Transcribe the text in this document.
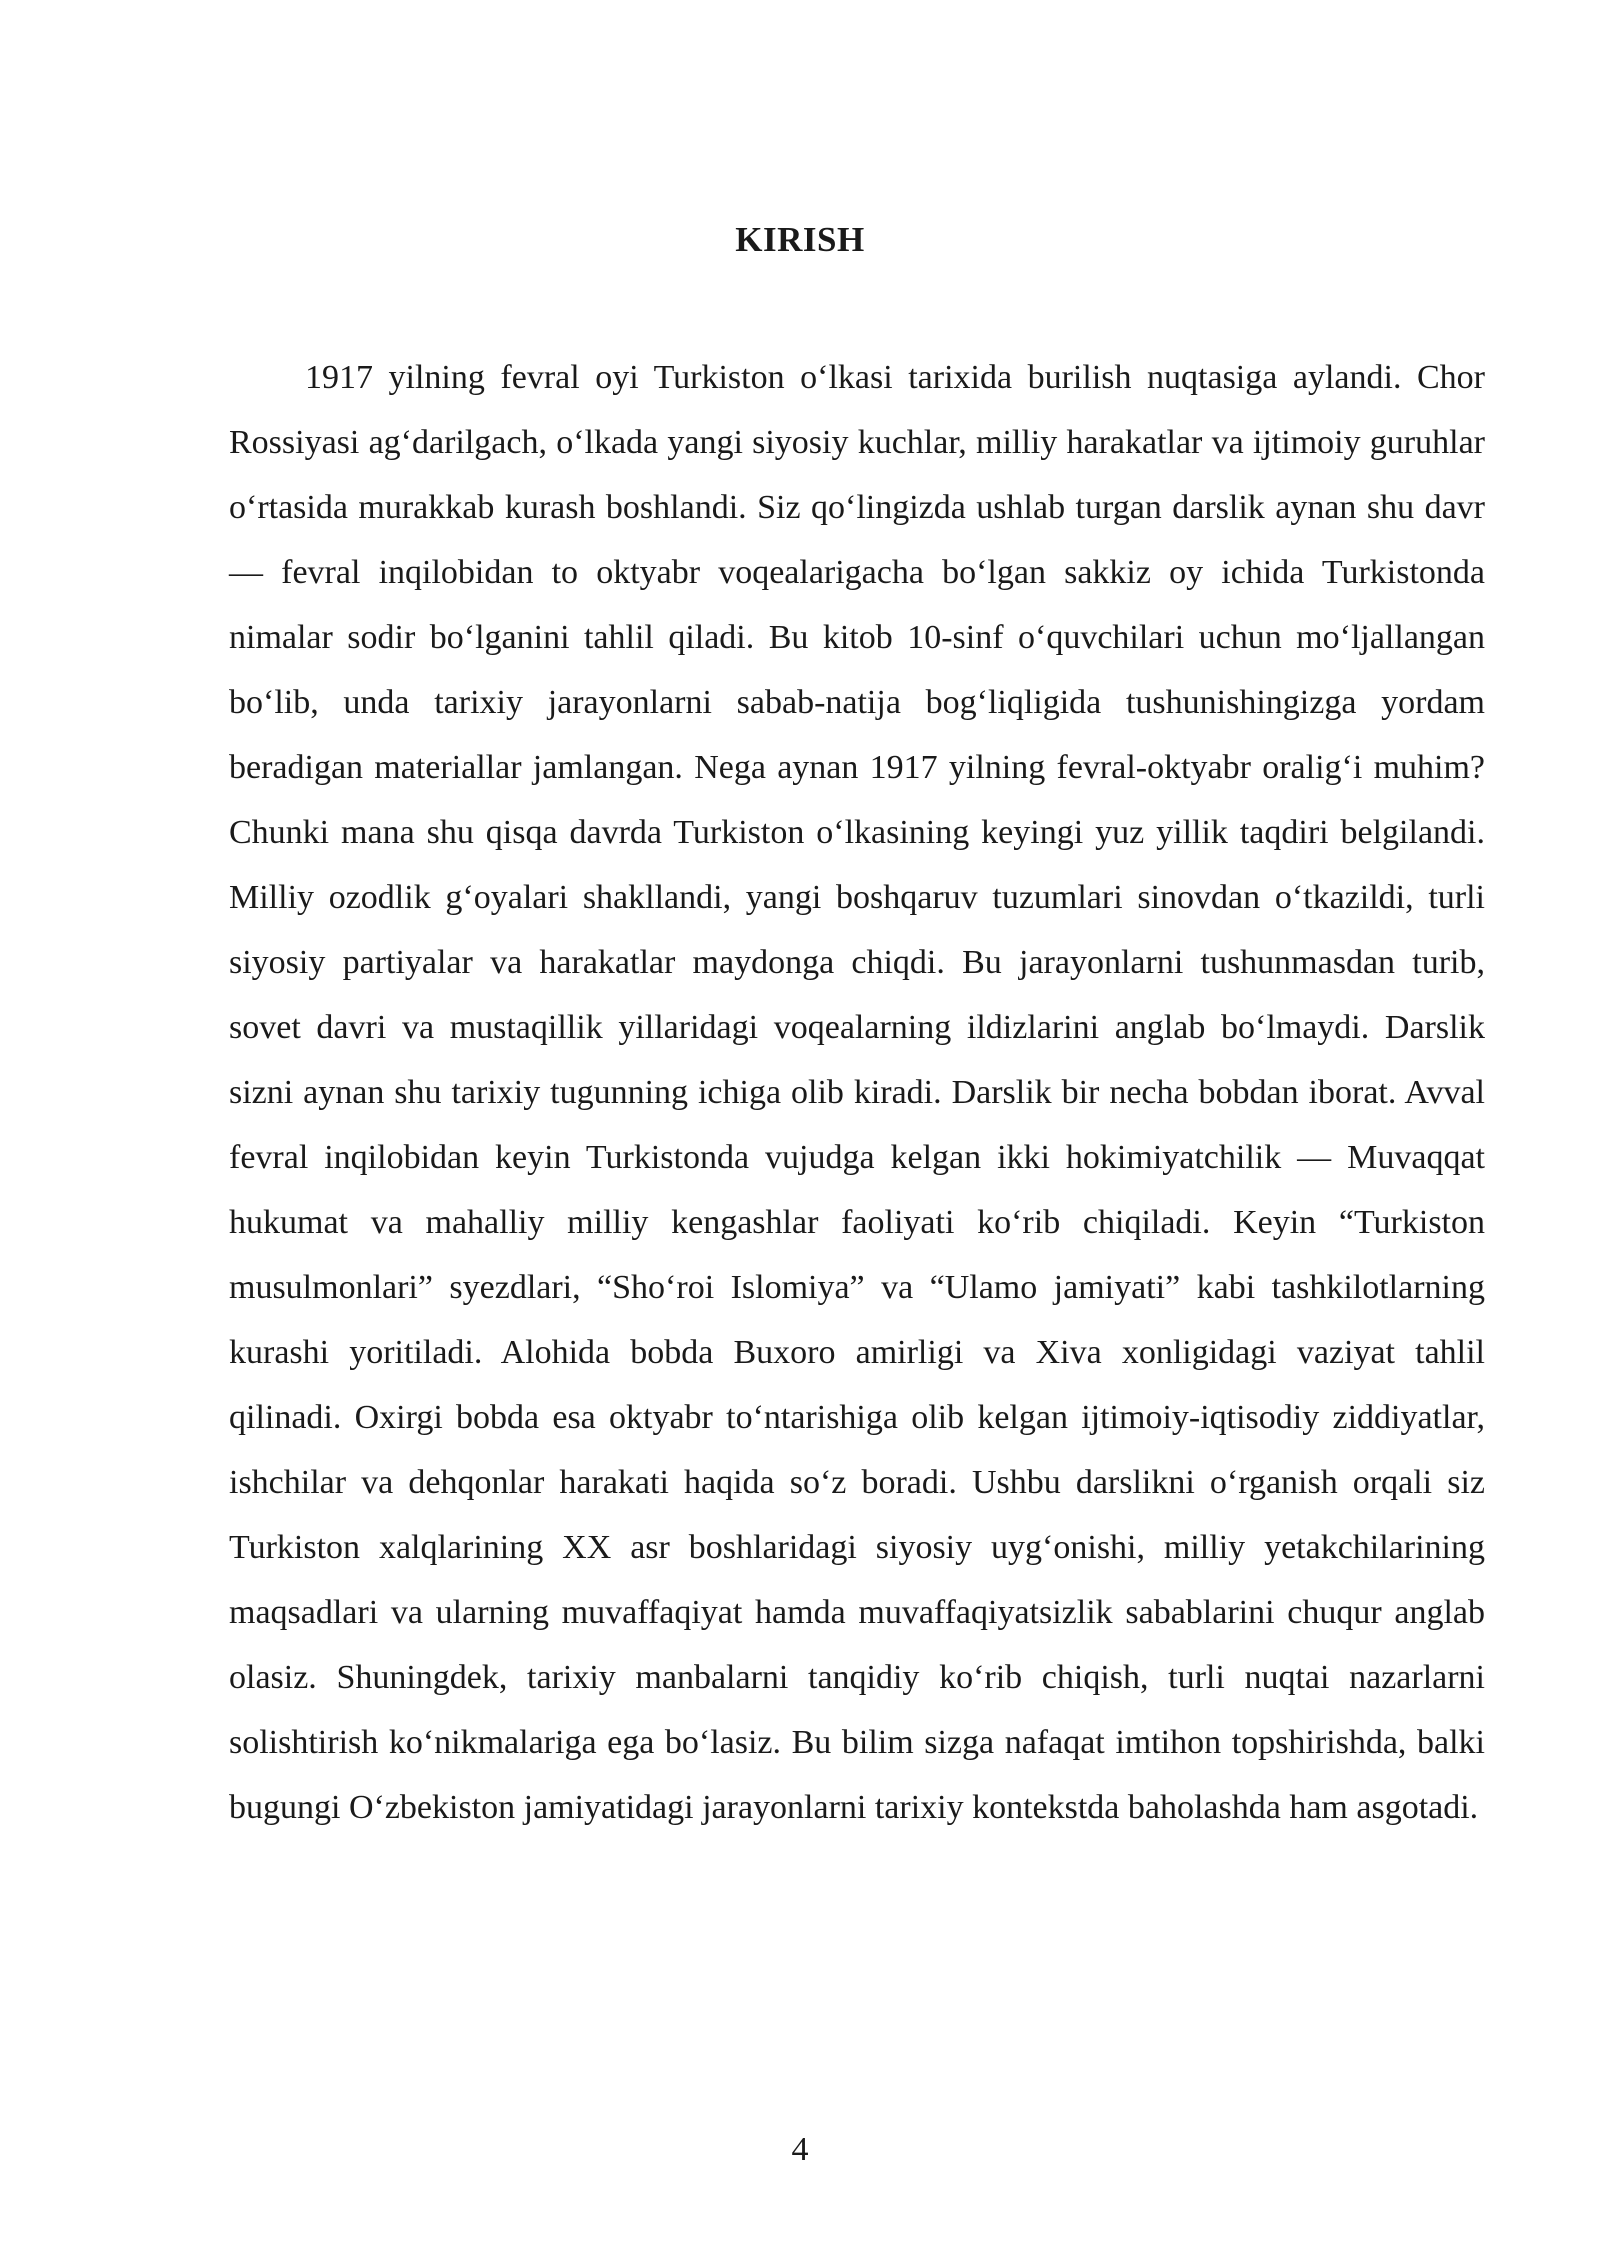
KIRISH

1917 yilning fevral oyi Turkiston o‘lkasi tarixida burilish nuqtasiga aylandi. Chor Rossiyasi ag‘darilgach, o‘lkada yangi siyosiy kuchlar, milliy harakatlar va ijtimoiy guruhlar o‘rtasida murakkab kurash boshlandi. Siz qo‘lingizda ushlab turgan darslik aynan shu davr — fevral inqilobidan to oktyabr voqealarigacha bo‘lgan sakkiz oy ichida Turkistonda nimalar sodir bo‘lganini tahlil qiladi. Bu kitob 10-sinf o‘quvchilari uchun mo‘ljallangan bo‘lib, unda tarixiy jarayonlarni sabab-natija bog‘liqligida tushunishingizga yordam beradigan materiallar jamlangan. Nega aynan 1917 yilning fevral-oktyabr oralig‘i muhim? Chunki mana shu qisqa davrda Turkiston o‘lkasining keyingi yuz yillik taqdiri belgilandi. Milliy ozodlik g‘oyalari shakllandi, yangi boshqaruv tuzumlari sinovdan o‘tkazildi, turli siyosiy partiyalar va harakatlar maydonga chiqdi. Bu jarayonlarni tushunmasdan turib, sovet davri va mustaqillik yillaridagi voqealarning ildizlarini anglab bo‘lmaydi. Darslik sizni aynan shu tarixiy tugunning ichiga olib kiradi. Darslik bir necha bobdan iborat. Avval fevral inqilobidan keyin Turkistonda vujudga kelgan ikki hokimiyatchilik — Muvaqqat hukumat va mahalliy milliy kengashlar faoliyati ko‘rib chiqiladi. Keyin “Turkiston musulmonlari” syezdlari, “Sho‘roi Islomiya” va “Ulamo jamiyati” kabi tashkilotlarning kurashi yoritiladi. Alohida bobda Buxoro amirligi va Xiva xonligidagi vaziyat tahlil qilinadi. Oxirgi bobda esa oktyabr to‘ntarishiga olib kelgan ijtimoiy-iqtisodiy ziddiyatlar, ishchilar va dehqonlar harakati haqida so‘z boradi. Ushbu darslikni o‘rganish orqali siz Turkiston xalqlarining XX asr boshlaridagi siyosiy uyg‘onishi, milliy yetakchilarining maqsadlari va ularning muvaffaqiyat hamda muvaffaqiyatsizlik sabablarini chuqur anglab olasiz. Shuningdek, tarixiy manbalarni tanqidiy ko‘rib chiqish, turli nuqtai nazarlarni solishtirish ko‘nikmalariga ega bo‘lasiz. Bu bilim sizga nafaqat imtihon topshirishda, balki bugungi O‘zbekiston jamiyatidagi jarayonlarni tarixiy kontekstda baholashda ham asgotadi.

4
